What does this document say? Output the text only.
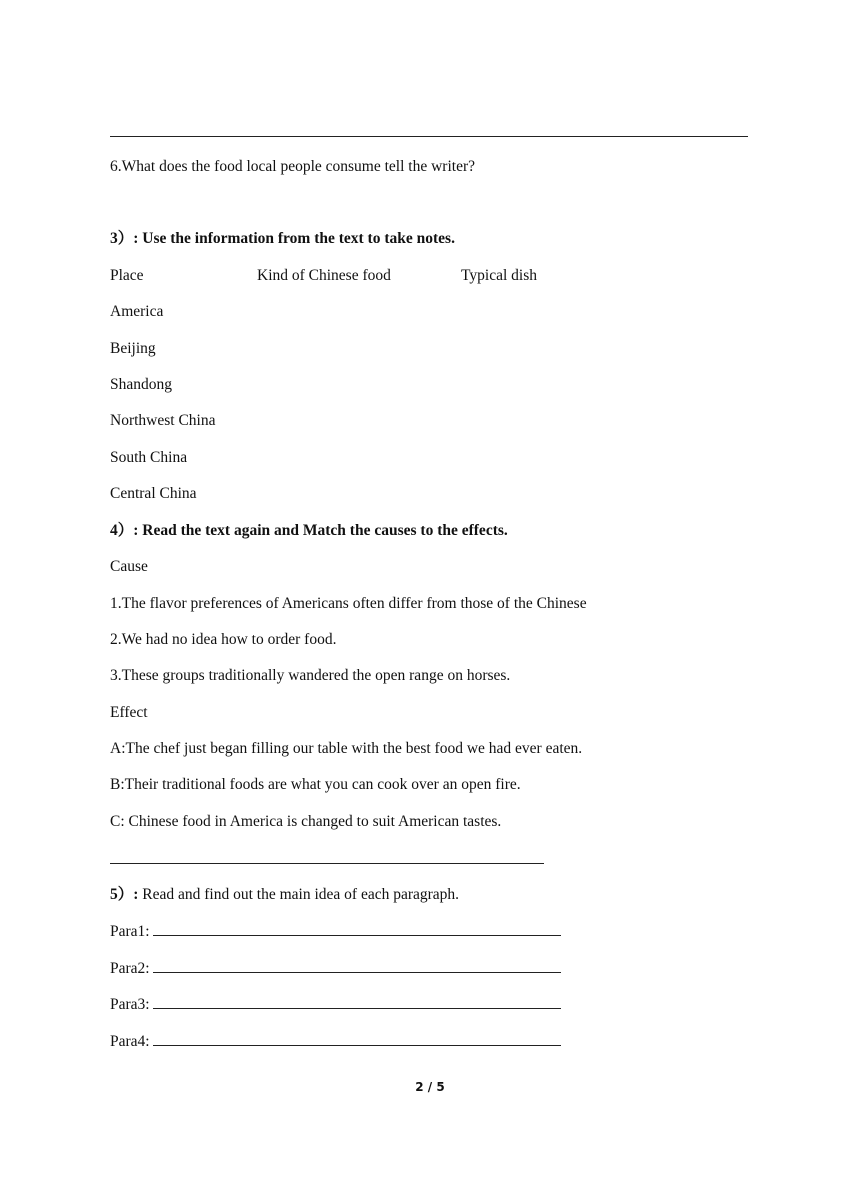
6.What does the food local people consume tell the writer?
3）: Use the information from the text to take notes.
Place	Kind of Chinese food	Typical dish
America
Beijing
Shandong
Northwest China
South China
Central China
4）: Read the text again and Match the causes to the effects.
Cause
1.The flavor preferences of Americans often differ from those of the Chinese
2.We had no idea how to order food.
3.These groups traditionally wandered the open range on horses.
Effect
A:The chef just began filling our table with the best food we had ever eaten.
B:Their traditional foods are what you can cook over an open fire.
C: Chinese food in America is changed to suit American tastes.
5）: Read and find out the main idea of each paragraph.
Para1:
Para2:
Para3:
Para4:
2 / 5
